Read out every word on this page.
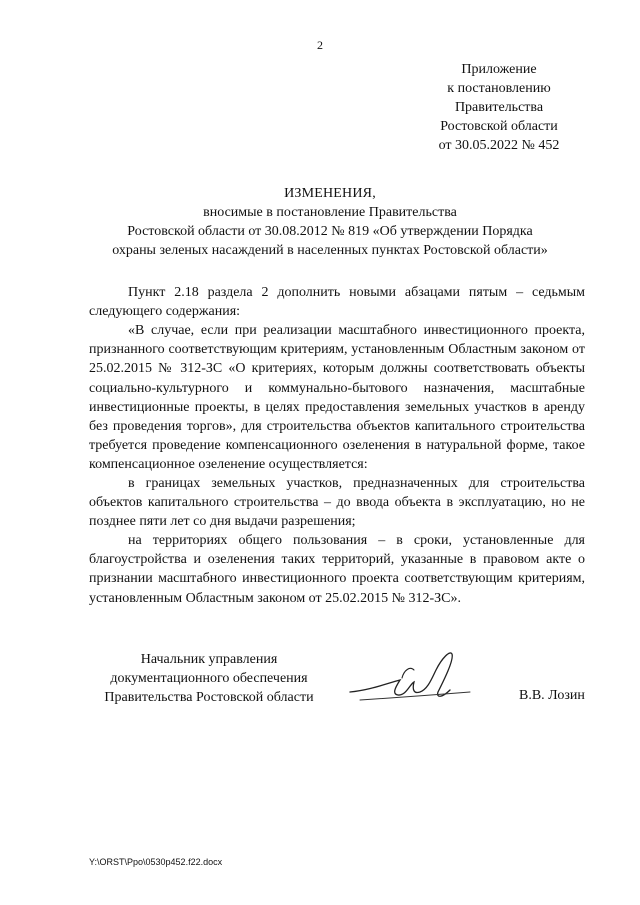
2
Приложение
к постановлению
Правительства
Ростовской области
от 30.05.2022 № 452
ИЗМЕНЕНИЯ,
вносимые в постановление Правительства
Ростовской области от 30.08.2012 № 819 «Об утверждении Порядка
охраны зеленых насаждений в населенных пунктах Ростовской области»
Пункт 2.18 раздела 2 дополнить новыми абзацами пятым – седьмым следующего содержания:
«В случае, если при реализации масштабного инвестиционного проекта, признанного соответствующим критериям, установленным Областным законом от 25.02.2015 № 312-ЗС «О критериях, которым должны соответствовать объекты социально-культурного и коммунально-бытового назначения, масштабные инвестиционные проекты, в целях предоставления земельных участков в аренду без проведения торгов», для строительства объектов капитального строительства требуется проведение компенсационного озеленения в натуральной форме, такое компенсационное озеленение осуществляется:
в границах земельных участков, предназначенных для строительства объектов капитального строительства – до ввода объекта в эксплуатацию, но не позднее пяти лет со дня выдачи разрешения;
на территориях общего пользования – в сроки, установленные для благоустройства и озеленения таких территорий, указанные в правовом акте о признании масштабного инвестиционного проекта соответствующим критериям, установленным Областным законом от 25.02.2015 № 312-ЗС».
Начальник управления
документационного обеспечения
Правительства Ростовской области	В.В. Лозин
Y:\ORST\Ppo\0530p452.f22.docx
